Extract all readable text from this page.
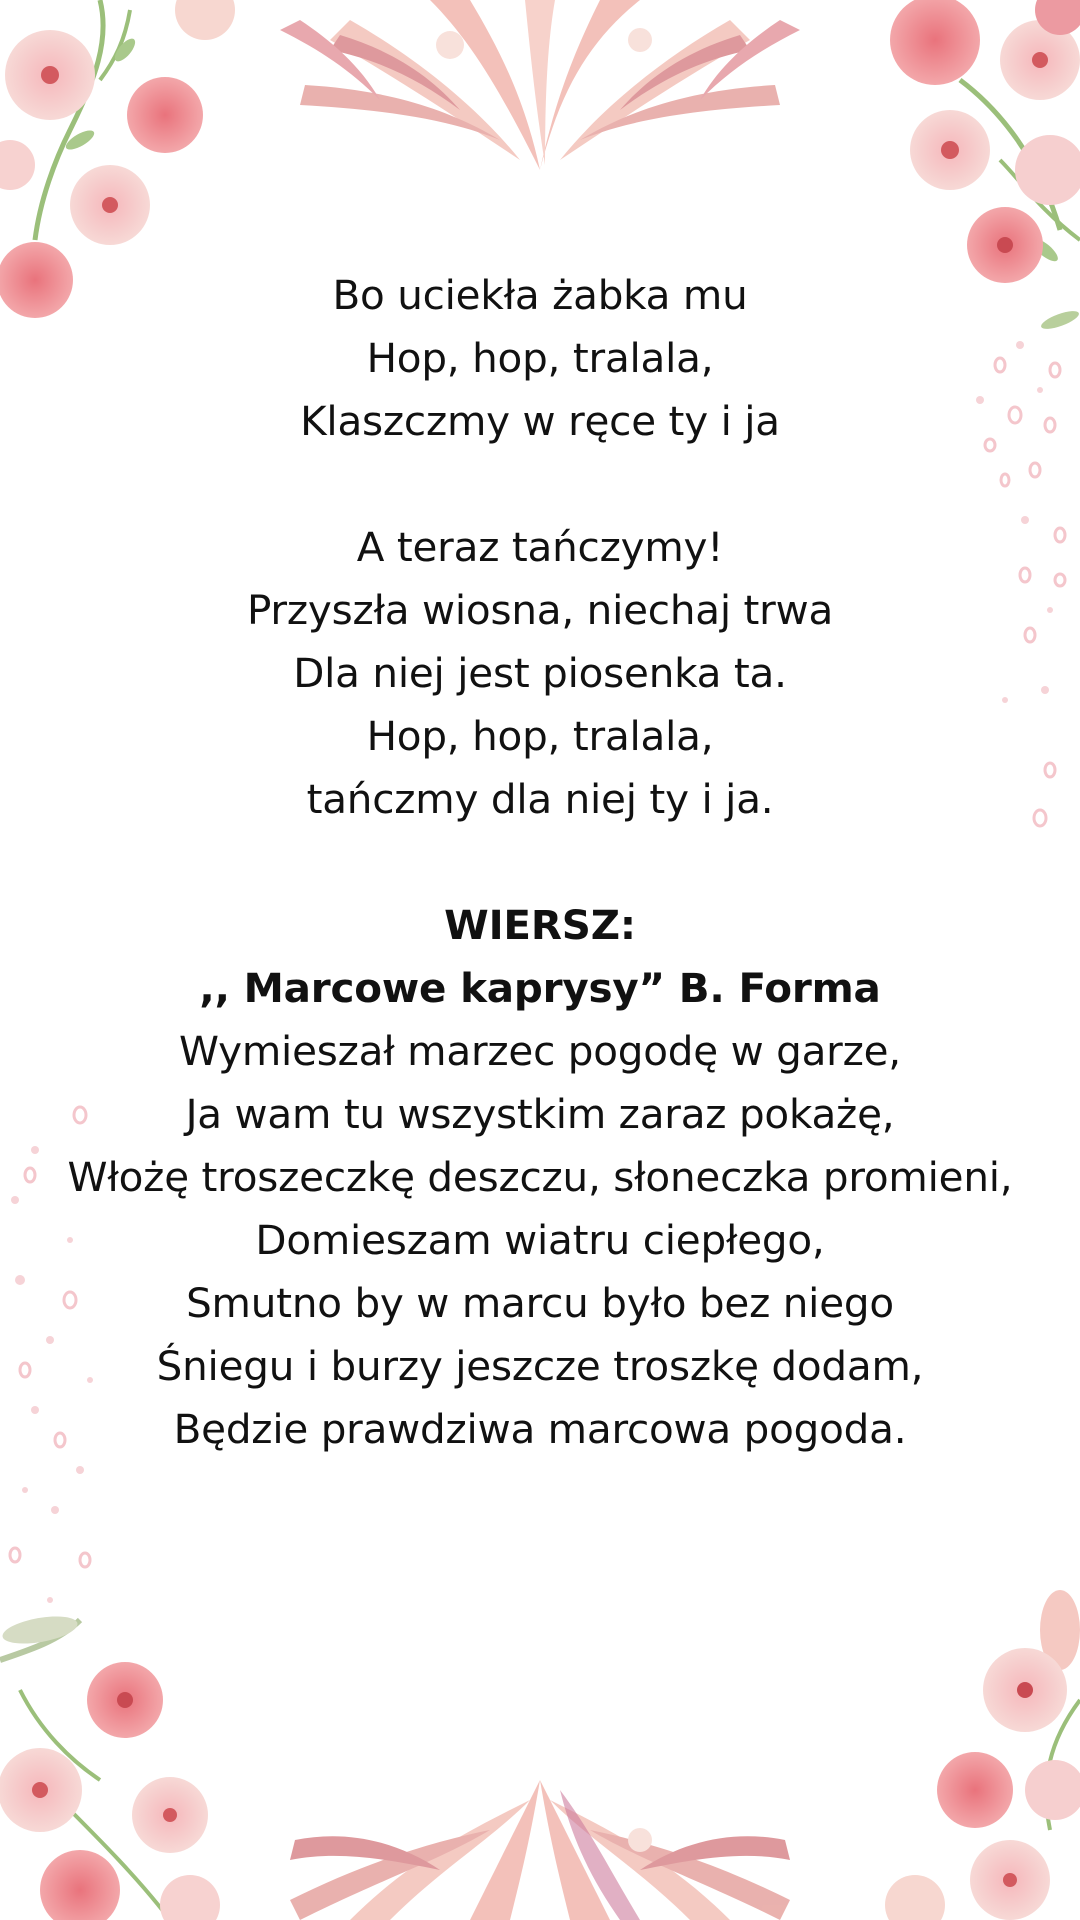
Bo uciekła żabka mu
Hop, hop, tralala,
Klaszczmy w ręce ty i ja
A teraz tańczymy!
Przyszła wiosna, niechaj trwa
Dla niej jest piosenka ta.
Hop, hop, tralala,
tańczmy dla niej ty i ja.
WIERSZ:
,, Marcowe kaprysy” B. Forma
Wymieszał marzec pogodę w garze,
Ja wam tu wszystkim zaraz pokażę,
Włożę troszeczkę deszczu, słoneczka promieni,
Domieszam wiatru ciepłego,
Smutno by w marcu było bez niego
Śniegu i burzy jeszcze troszkę dodam,
Będzie prawdziwa marcowa pogoda.
